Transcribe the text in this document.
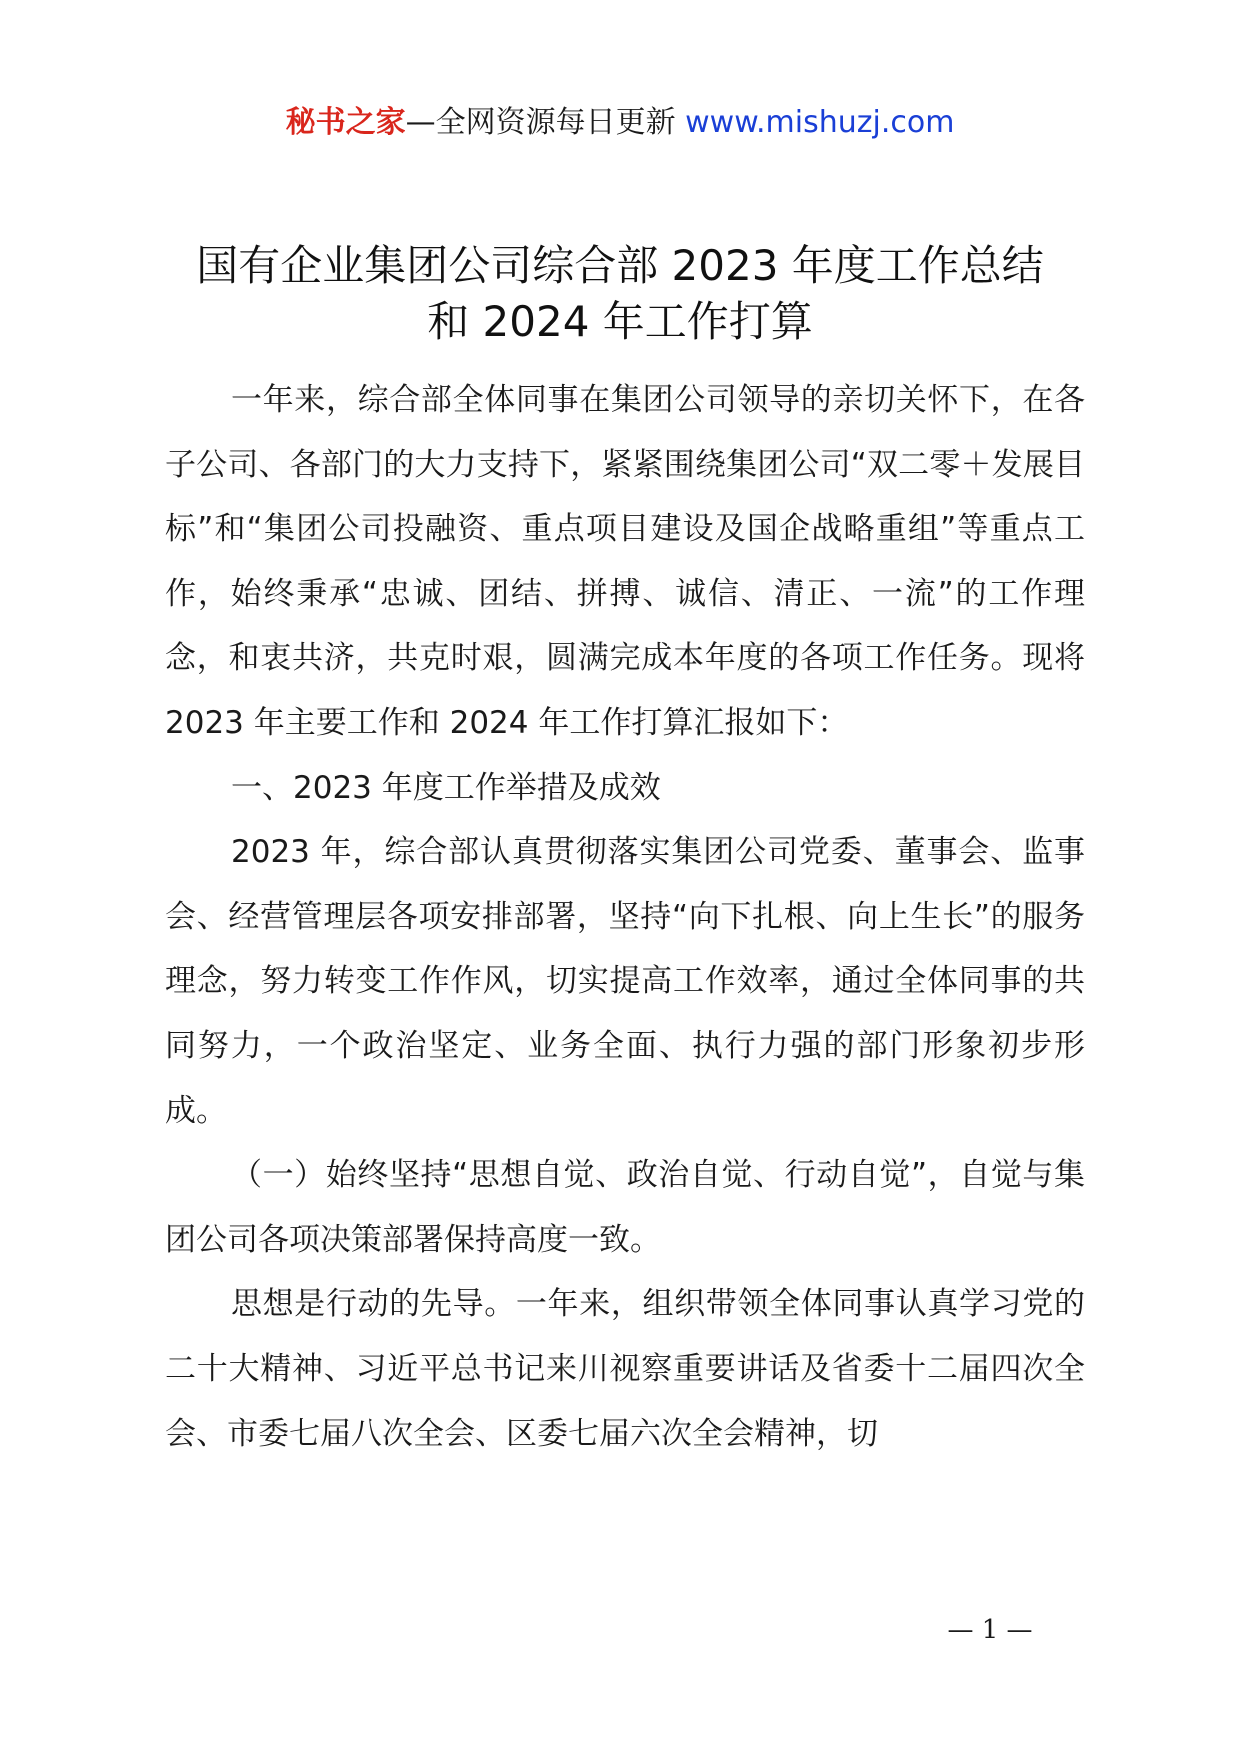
秘书之家—全网资源每日更新 www.mishuzj.com
国有企业集团公司综合部 2023 年度工作总结
和 2024 年工作打算

一年来，综合部全体同事在集团公司领导的亲切关怀下，在各子公司、各部门的大力支持下，紧紧围绕集团公司“双二零＋发展目标”和“集团公司投融资、重点项目建设及国企战略重组”等重点工作，始终秉承“忠诚、团结、拼搏、诚信、清正、一流”的工作理念，和衷共济，共克时艰，圆满完成本年度的各项工作任务。现将 2023 年主要工作和 2024 年工作打算汇报如下：

一、2023 年度工作举措及成效

2023 年，综合部认真贯彻落实集团公司党委、董事会、监事会、经营管理层各项安排部署，坚持“向下扎根、向上生长”的服务理念，努力转变工作作风，切实提高工作效率，通过全体同事的共同努力，一个政治坚定、业务全面、执行力强的部门形象初步形成。

（一）始终坚持“思想自觉、政治自觉、行动自觉”，自觉与集团公司各项决策部署保持高度一致。

思想是行动的先导。一年来，组织带领全体同事认真学习党的二十大精神、习近平总书记来川视察重要讲话及省委十二届四次全会、市委七届八次全会、区委七届六次全会精神，切

— 1 —
